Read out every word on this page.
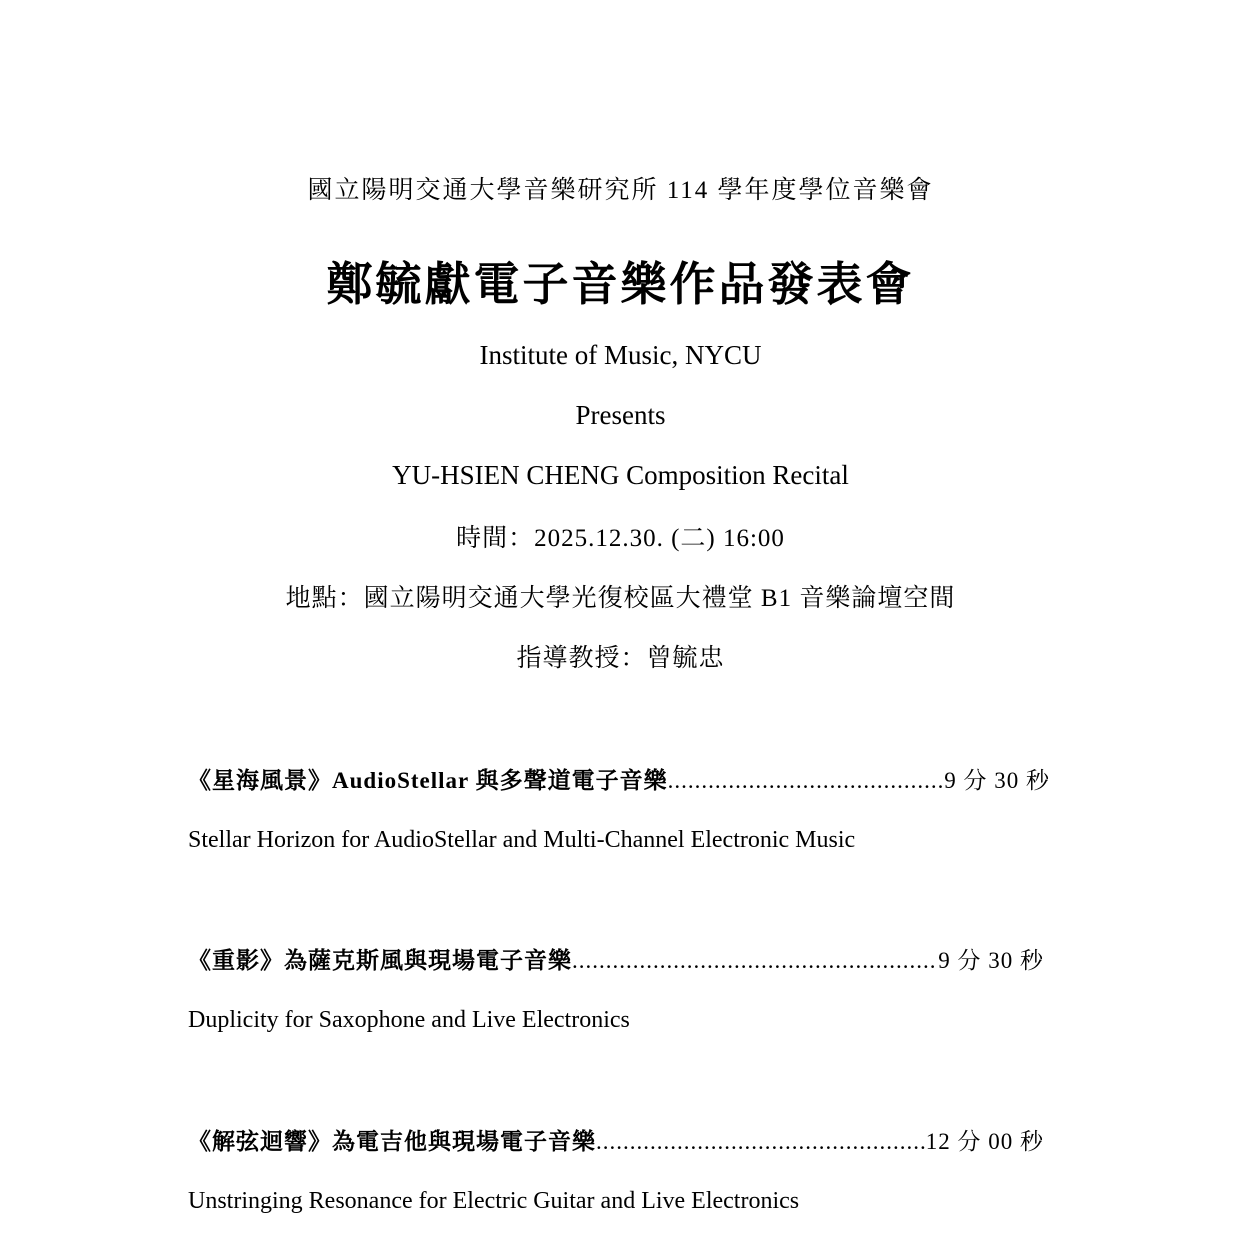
國立陽明交通大學音樂研究所 114 學年度學位音樂會
鄭毓獻電子音樂作品發表會
Institute of Music, NYCU
Presents
YU-HSIEN CHENG Composition Recital
時間：2025.12.30. (二) 16:00
地點：國立陽明交通大學光復校區大禮堂 B1 音樂論壇空間
指導教授：曾毓忠
《星海風景》AudioStellar 與多聲道電子音樂 .....	9 分 30 秒
Stellar Horizon for AudioStellar and Multi-Channel Electronic Music
《重影》為薩克斯風與現場電子音樂 .....	9 分 30 秒
Duplicity for Saxophone and Live Electronics
《解弦迴響》為電吉他與現場電子音樂 .....	12 分 00 秒
Unstringing Resonance for Electric Guitar and Live Electronics
